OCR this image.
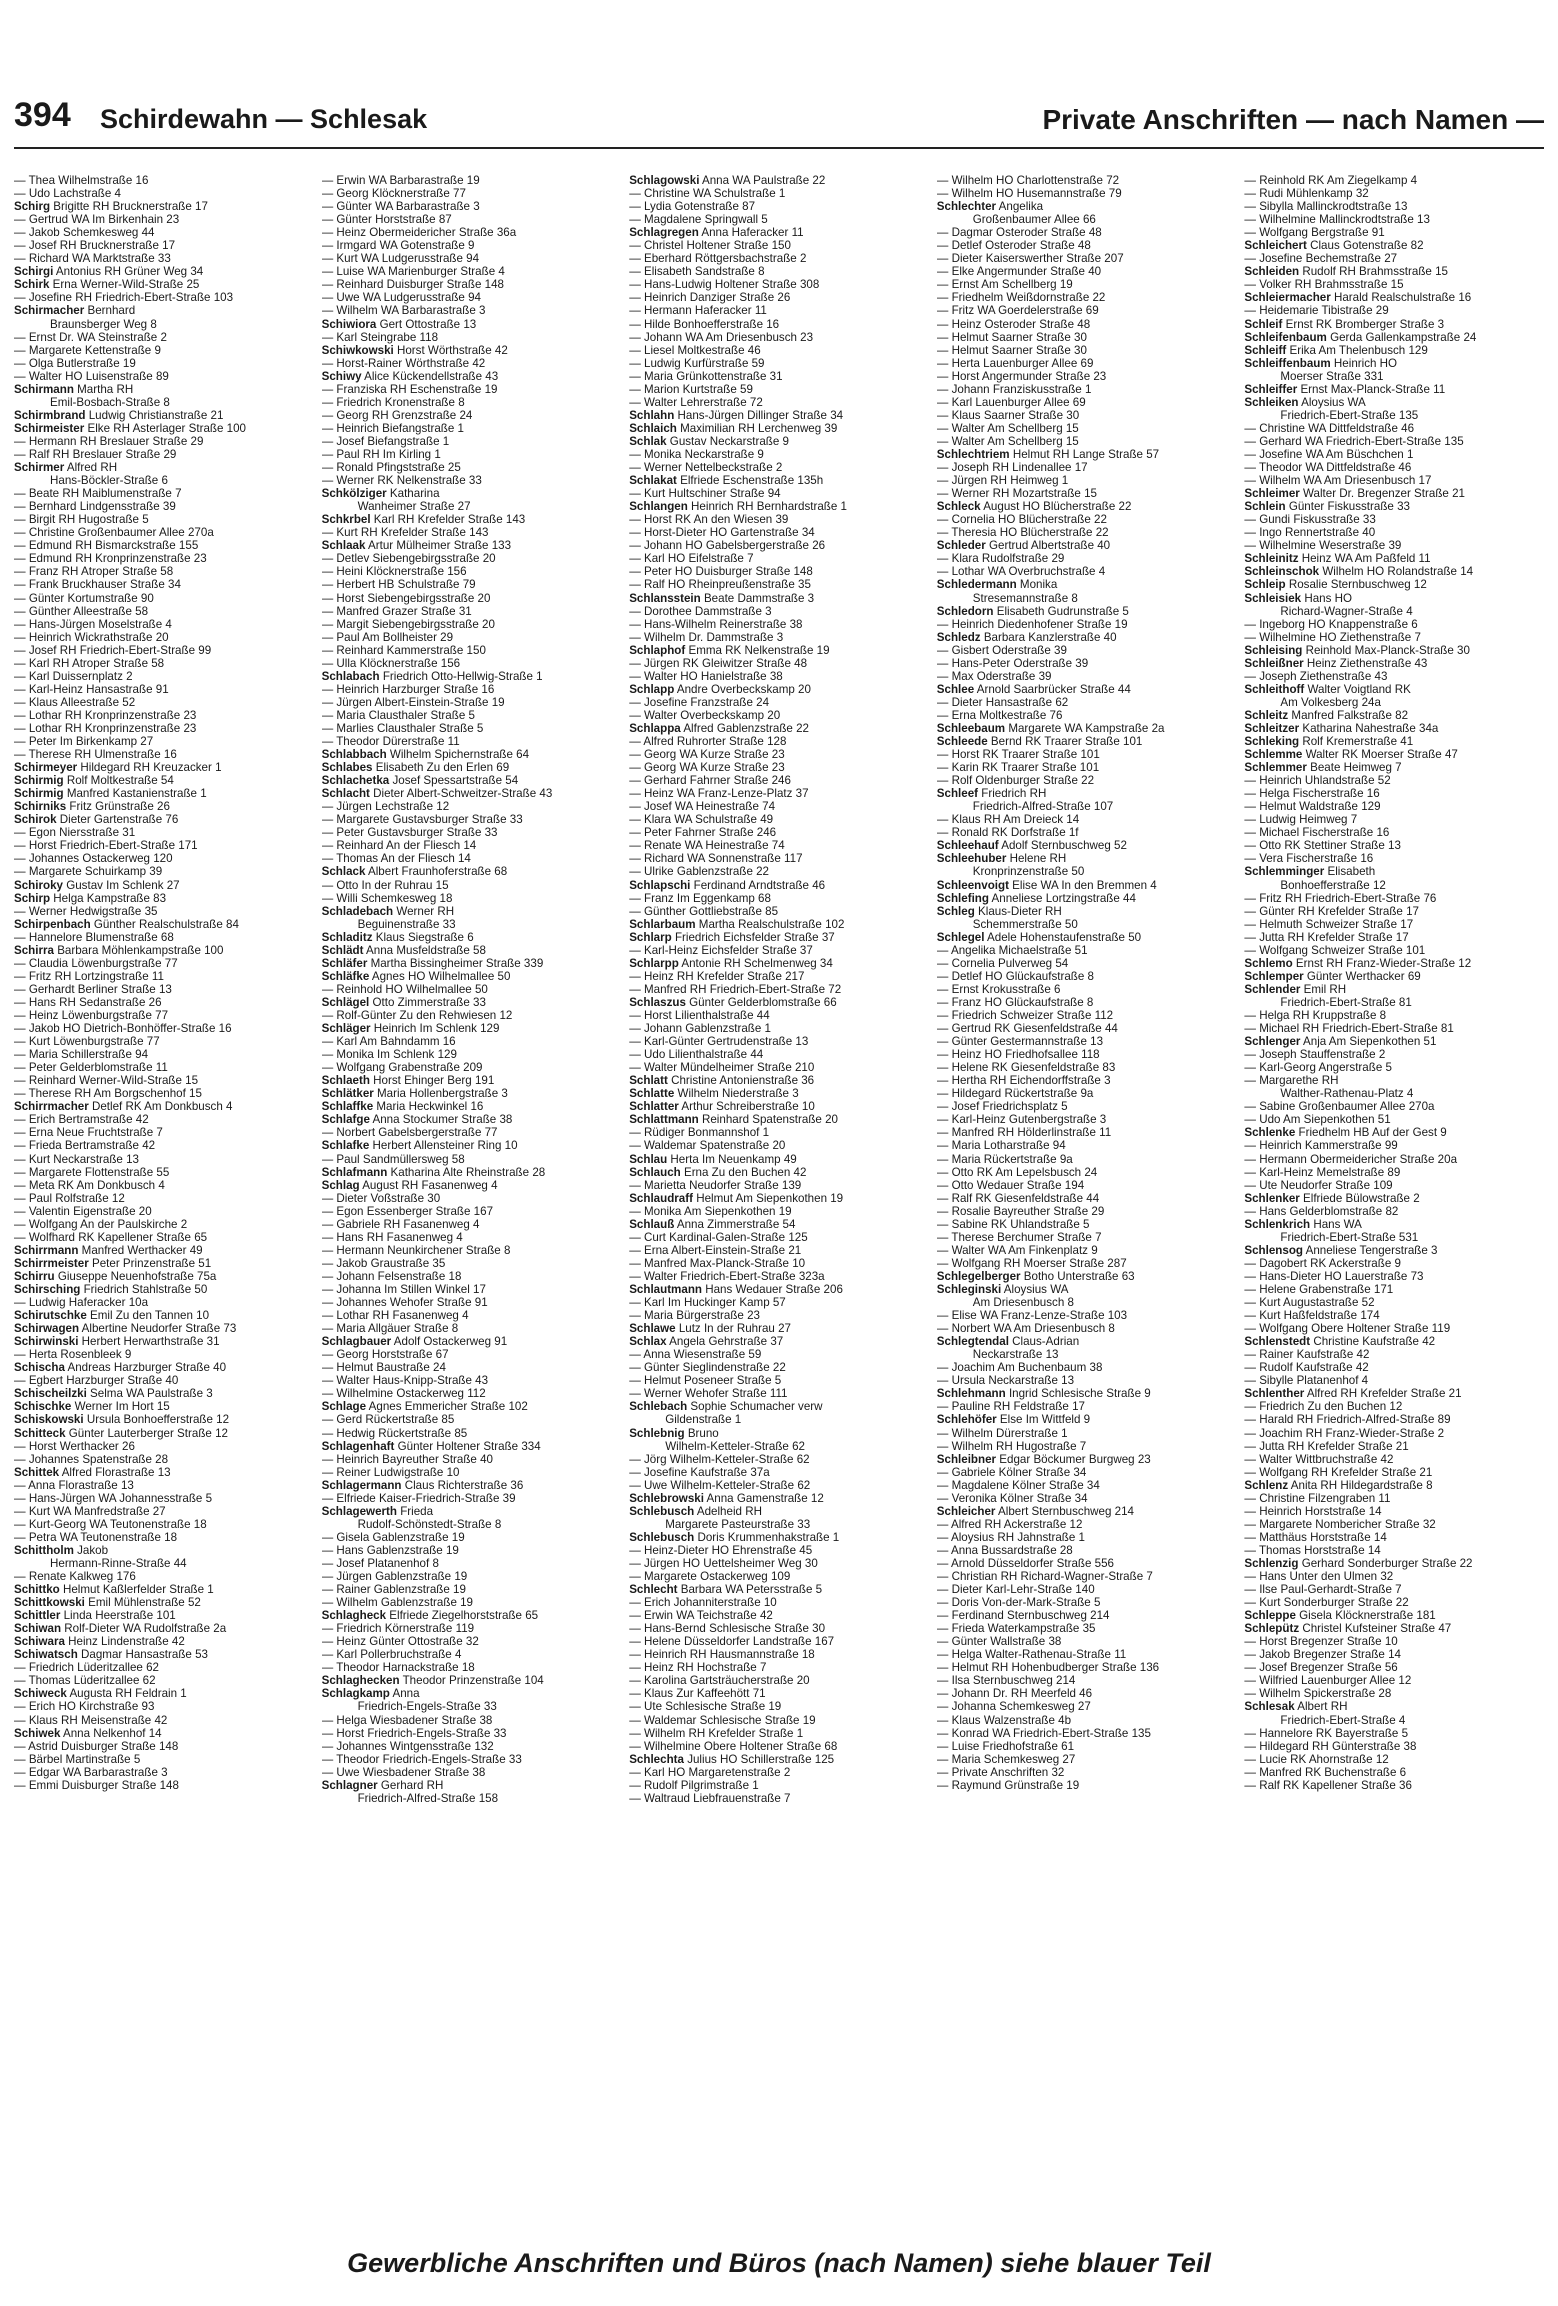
394 Schirdewahn — Schlesak	Private Anschriften — nach Namen —
— Thea Wilhelmstraße 16
— Udo Lachstraße 4
Schirg Brigitte RH Brucknerstraße 17
— Gertrud WA Im Birkenhain 23
— Jakob Schemkesweg 44
— Josef RH Brucknerstraße 17
— Richard WA Marktstraße 33
Schirgi Antonius RH Grüner Weg 34
Schirk Erna Werner-Wild-Straße 25
— Josefine RH Friedrich-Ebert-Straße 103
Schirmacher Bernhard
Braunsberger Weg 8
— Ernst Dr. WA Steinstraße 2
— Margarete Kettenstraße 9
— Olga Butlerstraße 19
— Walter HO Luisenstraße 89
Schirmann Martha RH
Emil-Bosbach-Straße 8
Schirmbrand Ludwig Christianstraße 21
Schirmeister Elke RH Asterlager Straße 100
— Hermann RH Breslauer Straße 29
— Ralf RH Breslauer Straße 29
Schirmer Alfred RH
Hans-Böckler-Straße 6
— Beate RH Maiblumenstraße 7
— Bernhard Lindgensstraße 39
— Birgit RH Hugostraße 5
— Christine Großenbaumer Allee 270a
— Edmund RH Bismarckstraße 155
— Edmund RH Kronprinzenstraße 23
— Franz RH Atroper Straße 58
— Frank Bruckhauser Straße 34
— Günter Kortumstraße 90
— Günther Alleestraße 58
— Hans-Jürgen Moselstraße 4
— Heinrich Wickrathstraße 20
— Josef RH Friedrich-Ebert-Straße 99
— Karl RH Atroper Straße 58
— Karl Duissernplatz 2
— Karl-Heinz Hansastraße 91
— Klaus Alleestraße 52
— Lothar RH Kronprinzenstraße 23
— Lothar RH Kronprinzenstraße 23
— Peter Im Birkenkamp 27
— Therese RH Ulmenstraße 16
Schirmeyer Hildegard RH Kreuzacker 1
Schirmig Rolf Moltkestraße 54
Schirmig Manfred Kastanienstraße 1
Schirniks Fritz Grünstraße 26
Schirok Dieter Gartenstraße 76
— Egon Niersstraße 31
— Horst Friedrich-Ebert-Straße 171
— Johannes Ostackerweg 120
— Margarete Schuirkamp 39
Schiroky Gustav Im Schlenk 27
Schirp Helga Kampstraße 83
— Werner Hedwigstraße 35
Schirpenbach Günther Realschulstraße 84
— Hannelore Blumenstraße 68
Schirra Barbara Möhlenkampstraße 100
— Claudia Löwenburgstraße 77
— Fritz RH Lortzingstraße 11
— Gerhardt Berliner Straße 13
— Hans RH Sedanstraße 26
— Heinz Löwenburgstraße 77
— Jakob HO Dietrich-Bonhöffer-Straße 16
— Kurt Löwenburgstraße 77
— Maria Schillerstraße 94
— Peter Gelderblomstraße 11
— Reinhard Werner-Wild-Straße 15
— Therese RH Am Borgschenhof 15
Schirrmacher Detlef RK Am Donkbusch 4
— Erich Bertramstraße 42
— Erna Neue Fruchtstraße 7
— Frieda Bertramstraße 42
— Kurt Neckarstraße 13
— Margarete Flottenstraße 55
— Meta RK Am Donkbusch 4
— Paul Rolfstraße 12
— Valentin Eigenstraße 20
— Wolfgang An der Paulskirche 2
— Wolfhard RK Kapellener Straße 65
Schirrmann Manfred Werthacker 49
Schirrmeister Peter Prinzenstraße 51
Schirru Giuseppe Neuenhofstraße 75a
Schirsching Friedrich Stahlstraße 50
— Ludwig Haferacker 10a
Schirutschke Emil Zu den Tannen 10
Schirwagen Albertine Neudorfer Straße 73
Schirwinski Herbert Herwarthstraße 31
— Herta Rosenbleek 9
Schischa Andreas Harzburger Straße 40
— Egbert Harzburger Straße 40
Schischeilzki Selma WA Paulstraße 3
Schischke Werner Im Hort 15
Schiskowski Ursula Bonhoefferstraße 12
Schitteck Günter Lauterberger Straße 12
— Horst Werthacker 26
— Johannes Spatenstraße 28
Schittek Alfred Florastraße 13
— Anna Florastraße 13
— Hans-Jürgen WA Johannesstraße 5
— Kurt WA Manfredstraße 27
— Kurt-Georg WA Teutonenstraße 18
— Petra WA Teutonenstraße 18
Schittholm Jakob
Hermann-Rinne-Straße 44
— Renate Kalkweg 176
Schittko Helmut Kaßlerfelder Straße 1
Schittkowski Emil Mühlenstraße 52
Schittler Linda Heerstraße 101
Schiwan Rolf-Dieter WA Rudolfstraße 2a
Schiwara Heinz Lindenstraße 42
Schiwatsch Dagmar Hansastraße 53
— Friedrich Lüderitzallee 62
— Thomas Lüderitzallee 62
Schiweck Augusta RH Feldrain 1
— Erich HO Kirchstraße 93
— Klaus RH Meisenstraße 42
Schiwek Anna Nelkenhof 14
— Astrid Duisburger Straße 148
— Bärbel Martinstraße 5
— Edgar WA Barbarastraße 3
— Emmi Duisburger Straße 148
— Erwin WA Barbarastraße 19
— Georg Klöcknerstraße 77
— Günter WA Barbarastraße 3
— Günter Horststraße 87
— Heinz Obermeidericher Straße 36a
— Irmgard WA Gotenstraße 9
— Kurt WA Ludgerusstraße 94
— Luise WA Marienburger Straße 4
— Reinhard Duisburger Straße 148
— Uwe WA Ludgerusstraße 94
— Wilhelm WA Barbarastraße 3
Schiwiora Gert Ottostraße 13
— Karl Steingrabe 118
Schiwkowski Horst Wörthstraße 42
— Horst-Rainer Wörthstraße 42
Schiwy Alice Kückendellstraße 43
— Franziska RH Eschenstraße 19
— Friedrich Kronenstraße 8
— Georg RH Grenzstraße 24
— Heinrich Biefangstraße 1
— Josef Biefangstraße 1
— Paul RH Im Kirling 1
— Ronald Pfingststraße 25
— Werner RK Nelkenstraße 33
Schkölziger Katharina
Wanheimer Straße 27
Schkrbel Karl RH Krefelder Straße 143
— Kurt RH Krefelder Straße 143
Schlaak Artur Mülheimer Straße 133
— Detlev Siebengebirgsstraße 20
— Heini Klöcknerstraße 156
— Herbert HB Schulstraße 79
— Horst Siebengebirgsstraße 20
— Manfred Grazer Straße 31
— Margit Siebengebirgsstraße 20
— Paul Am Bollheister 29
— Reinhard Kammerstraße 150
— Ulla Klöcknerstraße 156
Schlabach Friedrich Otto-Hellwig-Straße 1
— Heinrich Harzburger Straße 16
— Jürgen Albert-Einstein-Straße 19
— Maria Clausthaler Straße 5
— Marlies Clausthaler Straße 5
— Theodor Dürerstraße 11
Schlabbach Wilhelm Spichernstraße 64
Schlabes Elisabeth Zu den Erlen 69
Schlachetka Josef Spessartstraße 54
Schlacht Dieter Albert-Schweitzer-Straße 43
— Jürgen Lechstraße 12
— Margarete Gustavsburger Straße 33
— Peter Gustavsburger Straße 33
— Reinhard An der Fliesch 14
— Thomas An der Fliesch 14
Schlack Albert Fraunhoferstraße 68
— Otto In der Ruhrau 15
— Willi Schemkesweg 18
Schladebach Werner RH
Beguinenstraße 33
Schladitz Klaus Siegstraße 6
Schlädt Anna Musfeldstraße 58
Schläfer Martha Bissingheimer Straße 339
Schläfke Agnes HO Wilhelmallee 50
— Reinhold HO Wilhelmallee 50
Schlägel Otto Zimmerstraße 33
— Rolf-Günter Zu den Rehwiesen 12
Schläger Heinrich Im Schlenk 129
— Karl Am Bahndamm 16
— Monika Im Schlenk 129
— Wolfgang Grabenstraße 209
Schlaeth Horst Ehinger Berg 191
Schlätker Maria Hollenbergstraße 3
Schlaffke Maria Heckwinkel 16
Schlafge Anna Stockumer Straße 38
— Norbert Gabelsbergerstraße 77
Schlafke Herbert Allensteiner Ring 10
— Paul Sandmüllersweg 58
Schlafmann Katharina Alte Rheinstraße 28
Schlag August RH Fasanenweg 4
— Dieter Voßstraße 30
— Egon Essenberger Straße 167
— Gabriele RH Fasanenweg 4
— Hans RH Fasanenweg 4
— Hermann Neunkirchener Straße 8
— Jakob Graustraße 35
— Johann Felsenstraße 18
— Johanna Im Stillen Winkel 17
— Johannes Wehofer Straße 91
— Lothar RH Fasanenweg 4
— Maria Allgäuer Straße 8
Schlagbauer Adolf Ostackerweg 91
— Georg Horststraße 67
— Helmut Baustraße 24
— Walter Haus-Knipp-Straße 43
— Wilhelmine Ostackerweg 112
Schlage Agnes Emmericher Straße 102
— Gerd Rückertstraße 85
— Hedwig Rückertstraße 85
Schlagenhaft Günter Holtener Straße 334
— Heinrich Bayreuther Straße 40
— Reiner Ludwigstraße 10
Schlagermann Claus Richterstraße 36
— Elfriede Kaiser-Friedrich-Straße 39
Schlagewerth Frieda
Rudolf-Schönstedt-Straße 8
— Gisela Gablenzstraße 19
— Hans Gablenzstraße 19
— Josef Platanenhof 8
— Jürgen Gablenzstraße 19
— Rainer Gablenzstraße 19
— Wilhelm Gablenzstraße 19
Schlagheck Elfriede Ziegelhorststraße 65
— Friedrich Körnerstraße 119
— Heinz Günter Ottostraße 32
— Karl Pollerbruchstraße 4
— Theodor Harnackstraße 18
Schlaghecken Theodor Prinzenstraße 104
Schlagkamp Anna
Friedrich-Engels-Straße 33
— Helga Wiesbadener Straße 38
— Horst Friedrich-Engels-Straße 33
— Johannes Wintgensstraße 132
— Theodor Friedrich-Engels-Straße 33
— Uwe Wiesbadener Straße 38
Schlagner Gerhard RH
Friedrich-Alfred-Straße 158
Schlagowski Anna WA Paulstraße 22
— Christine WA Schulstraße 1
— Lydia Gotenstraße 87
— Magdalene Springwall 5
Schlagregen Anna Haferacker 11
— Christel Holtener Straße 150
— Eberhard Röttgersbachstraße 2
— Elisabeth Sandstraße 8
— Hans-Ludwig Holtener Straße 308
— Heinrich Danziger Straße 26
— Hermann Haferacker 11
— Hilde Bonhoefferstraße 16
— Johann WA Am Driesenbusch 23
— Liesel Moltkestraße 46
— Ludwig Kurfürstraße 59
— Maria Grünkottenstraße 31
— Marion Kurtstraße 59
— Walter Lehrerstraße 72
Schlahn Hans-Jürgen Dillinger Straße 34
Schlaich Maximilian RH Lerchenweg 39
Schlak Gustav Neckarstraße 9
— Monika Neckarstraße 9
— Werner Nettelbeckstraße 2
Schlakat Elfriede Eschenstraße 135h
— Kurt Hultschiner Straße 94
Schlangen Heinrich RH Bernhardstraße 1
— Horst RK An den Wiesen 39
— Horst-Dieter HO Gartenstraße 34
— Johann HO Gabelsbergerstraße 26
— Karl HO Eifelstraße 7
— Peter HO Duisburger Straße 148
— Ralf HO Rheinpreußenstraße 35
Schlansstein Beate Dammstraße 3
— Dorothee Dammstraße 3
— Hans-Wilhelm Reinerstraße 38
— Wilhelm Dr. Dammstraße 3
Schlaphof Emma RK Nelkenstraße 19
— Jürgen RK Gleiwitzer Straße 48
— Walter HO Hanielstraße 38
Schlapp Andre Overbeckskamp 20
— Josefine Franzstraße 24
— Walter Overbeckskamp 20
Schlappa Alfred Gablenzstraße 22
— Alfred Ruhrorter Straße 128
— Georg WA Kurze Straße 23
— Georg WA Kurze Straße 23
— Gerhard Fahrner Straße 246
— Heinz WA Franz-Lenze-Platz 37
— Josef WA Heinestraße 74
— Klara WA Schulstraße 49
— Peter Fahrner Straße 246
— Renate WA Heinestraße 74
— Richard WA Sonnenstraße 117
— Ulrike Gablenzstraße 22
Schlapschi Ferdinand Arndtstraße 46
— Franz Im Eggenkamp 68
— Günther Gottliebstraße 85
Schlarbaum Martha Realschulstraße 102
Schlarp Friedrich Eichsfelder Straße 37
— Karl-Heinz Eichsfelder Straße 37
Schlarpp Antonie RH Schelmenweg 34
— Heinz RH Krefelder Straße 217
— Manfred RH Friedrich-Ebert-Straße 72
Schlaszus Günter Gelderblomstraße 66
— Horst Lilienthalstraße 44
— Johann Gablenzstraße 1
— Karl-Günter Gertrudenstraße 13
— Udo Lilienthalstraße 44
— Walter Mündelheimer Straße 210
Schlatt Christine Antonienstraße 36
Schlatte Wilhelm Niederstraße 3
Schlatter Arthur Schreiberstraße 10
Schlattmann Reinhard Spatenstraße 20
— Rüdiger Bonmannshof 1
— Waldemar Spatenstraße 20
Schlau Herta Im Neuenkamp 49
Schlauch Erna Zu den Buchen 42
— Marietta Neudorfer Straße 139
Schlaudraff Helmut Am Siepenkothen 19
— Monika Am Siepenkothen 19
Schlauß Anna Zimmerstraße 54
— Curt Kardinal-Galen-Straße 125
— Erna Albert-Einstein-Straße 21
— Manfred Max-Planck-Straße 10
— Walter Friedrich-Ebert-Straße 323a
Schlautmann Hans Wedauer Straße 206
— Karl Im Huckinger Kamp 57
— Maria Bürgerstraße 23
Schlawe Lutz In der Ruhrau 27
Schlax Angela Gehrstraße 37
— Anna Wiesenstraße 59
— Günter Sieglindenstraße 22
— Helmut Poseneer Straße 5
— Werner Wehofer Straße 111
Schlebach Sophie Schumacher verw
Gildenstraße 1
Schlebnig Bruno
Wilhelm-Ketteler-Straße 62
— Jörg Wilhelm-Ketteler-Straße 62
— Josefine Kaufstraße 37a
— Uwe Wilhelm-Ketteler-Straße 62
Schlebrowski Anna Gamenstraße 12
Schlebusch Adelheid RH
Margarete Pasteurstraße 33
Schlebusch Doris Krummenhakstraße 1
— Heinz-Dieter HO Ehrenstraße 45
— Jürgen HO Uettelsheimer Weg 30
— Margarete Ostackerweg 109
Schlecht Barbara WA Petersstraße 5
— Erich Johanniterstraße 10
— Erwin WA Teichstraße 42
— Hans-Bernd Schlesische Straße 30
— Helene Düsseldorfer Landstraße 167
— Heinrich RH Hausmannstraße 18
— Heinz RH Hochstraße 7
— Karolina Gartsträucherstraße 20
— Klaus Zur Kaffeehött 71
— Ute Schlesische Straße 19
— Waldemar Schlesische Straße 19
— Wilhelm RH Krefelder Straße 1
— Wilhelmine Obere Holtener Straße 68
Schlechta Julius HO Schillerstraße 125
— Karl HO Margaretenstraße 2
— Rudolf Pilgrimstraße 1
— Waltraud Liebfrauenstraße 7
— Wilhelm HO Charlottenstraße 72
— Wilhelm HO Husemannstraße 79
Schlechter Angelika
Großenbaumer Allee 66
— Dagmar Osteroder Straße 48
— Detlef Osteroder Straße 48
— Dieter Kaiserswerther Straße 207
— Elke Angermunder Straße 40
— Ernst Am Schellberg 19
— Friedhelm Weißdornstraße 22
— Fritz WA Goerdelerstraße 69
— Heinz Osteroder Straße 48
— Helmut Saarner Straße 30
— Helmut Saarner Straße 30
— Herta Lauenburger Allee 69
— Horst Angermunder Straße 23
— Johann Franziskusstraße 1
— Karl Lauenburger Allee 69
— Klaus Saarner Straße 30
— Walter Am Schellberg 15
— Walter Am Schellberg 15
Schlechtriem Helmut RH Lange Straße 57
— Joseph RH Lindenallee 17
— Jürgen RH Heimweg 1
— Werner RH Mozartstraße 15
Schleck August HO Blücherstraße 22
— Cornelia HO Blücherstraße 22
— Theresia HO Blücherstraße 22
Schleder Gertrud Albertstraße 40
— Klara Rudolfstraße 29
— Lothar WA Overbruchstraße 4
Schledermann Monika
Stresemannstraße 8
Schledorn Elisabeth Gudrunstraße 5
— Heinrich Diedenhofener Straße 19
Schledz Barbara Kanzlerstraße 40
— Gisbert Oderstraße 39
— Hans-Peter Oderstraße 39
— Max Oderstraße 39
Schlee Arnold Saarbrücker Straße 44
— Dieter Hansastraße 62
— Erna Moltkestraße 76
Schleebaum Margarete WA Kampstraße 2a
Schleede Bernd RK Traarer Straße 101
— Horst RK Traarer Straße 101
— Karin RK Traarer Straße 101
— Rolf Oldenburger Straße 22
Schleef Friedrich RH
Friedrich-Alfred-Straße 107
— Klaus RH Am Dreieck 14
— Ronald RK Dorfstraße 1f
Schleehauf Adolf Sternbuschweg 52
Schleehuber Helene RH
Kronprinzenstraße 50
Schleenvoigt Elise WA In den Bremmen 4
Schlefing Anneliese Lortzingstraße 44
Schleg Klaus-Dieter RH
Schemmerstraße 50
Schlegel Adele Hohenstaufenstraße 50
— Angelika Michaelstraße 51
— Cornelia Pulverweg 54
— Detlef HO Glückaufstraße 8
— Ernst Krokusstraße 6
— Franz HO Glückaufstraße 8
— Friedrich Schweizer Straße 112
— Gertrud RK Giesenfeldstraße 44
— Günter Gestermannstraße 13
— Heinz HO Friedhofsallee 118
— Helene RK Giesenfeldstraße 83
— Hertha RH Eichendorffstraße 3
— Hildegard Rückertstraße 9a
— Josef Friedrichsplatz 5
— Karl-Heinz Gutenbergstraße 3
— Manfred RH Hölderlinstraße 11
— Maria Lotharstraße 94
— Maria Rückertstraße 9a
— Otto RK Am Lepelsbusch 24
— Otto Wedauer Straße 194
— Ralf RK Giesenfeldstraße 44
— Rosalie Bayreuther Straße 29
— Sabine RK Uhlandstraße 5
— Therese Berchumer Straße 7
— Walter WA Am Finkenplatz 9
— Wolfgang RH Moerser Straße 287
Schlegelberger Botho Unterstraße 63
Schleginski Aloysius WA
Am Driesenbusch 8
— Elise WA Franz-Lenze-Straße 103
— Norbert WA Am Driesenbusch 8
Schlegtendal Claus-Adrian
Neckarstraße 13
— Joachim Am Buchenbaum 38
— Ursula Neckarstraße 13
Schlehmann Ingrid Schlesische Straße 9
— Pauline RH Feldstraße 17
Schlehöfer Else Im Wittfeld 9
— Wilhelm Dürerstraße 1
— Wilhelm RH Hugostraße 7
Schleibner Edgar Böckumer Burgweg 23
— Gabriele Kölner Straße 34
— Magdalene Kölner Straße 34
— Veronika Kölner Straße 34
Schleicher Albert Sternbuschweg 214
— Alfred RH Ackerstraße 12
— Aloysius RH Jahnstraße 1
— Anna Bussardstraße 28
— Arnold Düsseldorfer Straße 556
— Christian RH Richard-Wagner-Straße 7
— Dieter Karl-Lehr-Straße 140
— Doris Von-der-Mark-Straße 5
— Ferdinand Sternbuschweg 214
— Frieda Waterkampstraße 35
— Günter Wallstraße 38
— Helga Walter-Rathenau-Straße 11
— Helmut RH Hohenbudberger Straße 136
— Ilsa Sternbuschweg 214
— Johann Dr. RH Meerfeld 46
— Johanna Schemkesweg 27
— Klaus Walzenstraße 4b
— Konrad WA Friedrich-Ebert-Straße 135
— Luise Friedhofstraße 61
— Maria Schemkesweg 27
— Private Anschriften 32
— Raymund Grünstraße 19
— Reinhold RK Am Ziegelkamp 4
— Rudi Mühlenkamp 32
— Sibylla Mallinckrodtstraße 13
— Wilhelmine Mallinckrodtstraße 13
— Wolfgang Bergstraße 91
Schleichert Claus Gotenstraße 82
— Josefine Bechemstraße 27
Schleiden Rudolf RH Brahmsstraße 15
— Volker RH Brahmsstraße 15
Schleiermacher Harald Realschulstraße 16
— Heidemarie Tibistraße 29
Schleif Ernst RK Bromberger Straße 3
Schleifenbaum Gerda Gallenkampstraße 24
Schleiff Erika Am Thelenbusch 129
Schleiffenbaum Heinrich HO
Moerser Straße 331
Schleiffer Ernst Max-Planck-Straße 11
Schleiken Aloysius WA
Friedrich-Ebert-Straße 135
— Christine WA Dittfeldstraße 46
— Gerhard WA Friedrich-Ebert-Straße 135
— Josefine WA Am Büschchen 1
— Theodor WA Dittfeldstraße 46
— Wilhelm WA Am Driesenbusch 17
Schleimer Walter Dr. Bregenzer Straße 21
Schlein Günter Fiskusstraße 33
— Gundi Fiskusstraße 33
— Ingo Rennertstraße 40
— Wilhelmine Weserstraße 39
Schleinitz Heinz WA Am Paßfeld 11
Schleinschok Wilhelm HO Rolandstraße 14
Schleip Rosalie Sternbuschweg 12
Schleisiek Hans HO
Richard-Wagner-Straße 4
— Ingeborg HO Knappenstraße 6
— Wilhelmine HO Ziethenstraße 7
Schleising Reinhold Max-Planck-Straße 30
Schleißner Heinz Ziethenstraße 43
— Joseph Ziethenstraße 43
Schleithoff Walter Voigtland RK
Am Volkesberg 24a
Schleitz Manfred Falkstraße 82
Schleitzer Katharina Nahestraße 34a
Schleking Rolf Kremerstraße 41
Schlemme Walter RK Moerser Straße 47
Schlemmer Beate Heimweg 7
— Heinrich Uhlandstraße 52
— Helga Fischerstraße 16
— Helmut Waldstraße 129
— Ludwig Heimweg 7
— Michael Fischerstraße 16
— Otto RK Stettiner Straße 13
— Vera Fischerstraße 16
Schlemminger Elisabeth
Bonhoefferstraße 12
— Fritz RH Friedrich-Ebert-Straße 76
— Günter RH Krefelder Straße 17
— Helmuth Schweizer Straße 17
— Jutta RH Krefelder Straße 17
— Wolfgang Schweizer Straße 101
Schlemo Ernst RH Franz-Wieder-Straße 12
Schlemper Günter Werthacker 69
Schlender Emil RH
Friedrich-Ebert-Straße 81
— Helga RH Kruppstraße 8
— Michael RH Friedrich-Ebert-Straße 81
Schlenger Anja Am Siepenkothen 51
— Joseph Stauffenstraße 2
— Karl-Georg Angerstraße 5
— Margarethe RH
Walther-Rathenau-Platz 4
— Sabine Großenbaumer Allee 270a
— Udo Am Siepenkothen 51
Schlenke Friedhelm HB Auf der Gest 9
— Heinrich Kammerstraße 99
— Hermann Obermeidericher Straße 20a
— Karl-Heinz Memelstraße 89
— Ute Neudorfer Straße 109
Schlenker Elfriede Bülowstraße 2
— Hans Gelderblomstraße 82
Schlenkrich Hans WA
Friedrich-Ebert-Straße 531
Schlensog Anneliese Tengerstraße 3
— Dagobert RK Ackerstraße 9
— Hans-Dieter HO Lauerstraße 73
— Helene Grabenstraße 171
— Kurt Augustastraße 52
— Kurt Haßfeldstraße 174
— Wolfgang Obere Holtener Straße 119
Schlenstedt Christine Kaufstraße 42
— Rainer Kaufstraße 42
— Rudolf Kaufstraße 42
— Sibylle Platanenhof 4
Schlenther Alfred RH Krefelder Straße 21
— Friedrich Zu den Buchen 12
— Harald RH Friedrich-Alfred-Straße 89
— Joachim RH Franz-Wieder-Straße 2
— Jutta RH Krefelder Straße 21
— Walter Wittbruchstraße 42
— Wolfgang RH Krefelder Straße 21
Schlenz Anita RH Hildegardstraße 8
— Christine Filzengraben 11
— Heinrich Horststraße 14
— Margarete Nombericher Straße 32
— Matthäus Horststraße 14
— Thomas Horststraße 14
Schlenzig Gerhard Sonderburger Straße 22
— Hans Unter den Ulmen 32
— Ilse Paul-Gerhardt-Straße 7
— Kurt Sonderburger Straße 22
Schleppe Gisela Klöcknerstraße 181
Schlepütz Christel Kufsteiner Straße 47
— Horst Bregenzer Straße 10
— Jakob Bregenzer Straße 14
— Josef Bregenzer Straße 56
— Wilfried Lauenburger Allee 12
— Wilhelm Spickerstraße 28
Schlesak Albert RH
Friedrich-Ebert-Straße 4
— Hannelore RK Bayerstraße 5
— Hildegard RH Günterstraße 38
— Lucie RK Ahornstraße 12
— Manfred RK Buchenstraße 6
— Ralf RK Kapellener Straße 36
Gewerbliche Anschriften und Büros (nach Namen) siehe blauer Teil
